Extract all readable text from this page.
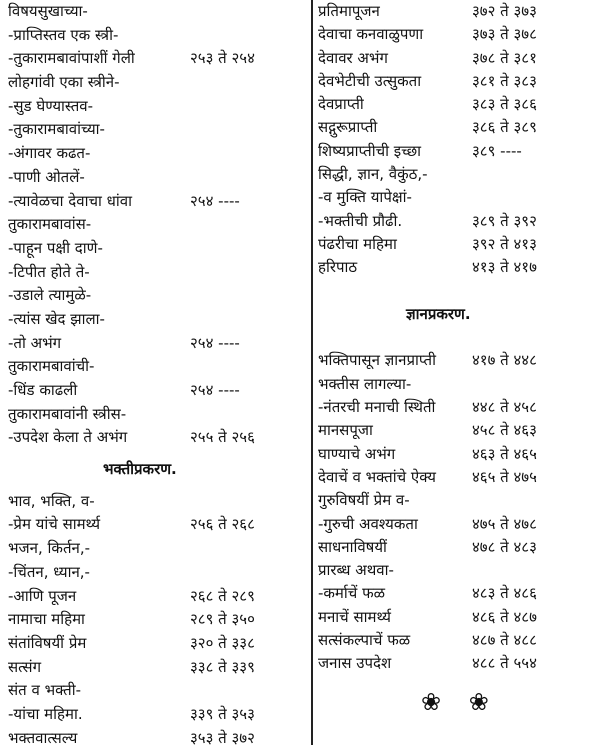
विषयसुखाच्या-
-प्राप्तिस्तव एक स्त्री-
-तुकारामबावांपाशीं गेली	२५३ ते २५४
लोहगांवी एका स्त्रीने-
-सुड घेण्यास्तव-
-तुकारामबावांच्या-
-अंगावर कढत-
-पाणी ओतलें-
-त्यावेळचा देवाचा धांवा	२५४ ----
तुकारामबावांस-
-पाहून पक्षी दाणे-
-टिपीत होते ते-
-उडाले त्यामुळे-
-त्यांस खेद झाला-
-तो अभंग	२५४ ----
तुकारामबावांची-
-धिंड काढली	२५४ ----
तुकारामबावांनी स्त्रीस-
-उपदेश केला ते अभंग	२५५ ते २५६
भक्तीप्रकरण.
भाव, भक्ति, व-
-प्रेम यांचे सामर्थ्य	२५६ ते २६८
भजन, किर्तन,-
-चिंतन, ध्यान,-
-आणि पूजन	२६८ ते २८९
नामाचा महिमा	२८९ ते ३५०
संतांविषयीं प्रेम	३२० ते ३३८
सत्संग	३३८ ते ३३९
संत व भक्ती-
-यांचा महिमा.	३३९ ते ३५३
भक्तवात्सल्य	३५३ ते ३७२
प्रतिमापूजन	३७२ ते ३७३
देवाचा कनवाळुपणा	३७३ ते ३७८
देवावर अभंग	३७८ ते ३८१
देवभेटीची उत्सुकता	३८१ ते ३८३
देवप्राप्ती	३८३ ते ३८६
सद्गुरूप्राप्ती	३८६ ते ३८९
शिष्यप्राप्तीची इच्छा	३८९ ----
सिद्धी, ज्ञान, वैकुंठ,-
-व मुक्ति यापेक्षां-
-भक्तीची प्रौढी.	३८९ ते ३९२
पंढरीचा महिमा	३९२ ते ४१३
हरिपाठ	४१३ ते ४१७
ज्ञानप्रकरण.
भक्तिपासून ज्ञानप्राप्ती ४१७ ते ४४८
भक्तीस लागल्या-
-नंतरची मनाची स्थिती ४४८ ते ४५८
मानसपूजा	४५८ ते ४६३
घाण्याचे अभंग	४६३ ते ४६५
देवाचें व भक्तांचे ऐक्य ४६५ ते ४७५
गुरुविषयीं प्रेम व-
-गुरुची अवश्यकता	४७५ ते ४७८
साधनाविषयीं	४७८ ते ४८३
प्रारब्ध अथवा-
-कर्माचें फळ	४८३ ते ४८६
मनाचें सामर्थ्य	४८६ ते ४८७
सत्संकल्पाचें फळ	४८७ ते ४८८
जनास उपदेश	४८८ ते ५५४
❀ ❀
